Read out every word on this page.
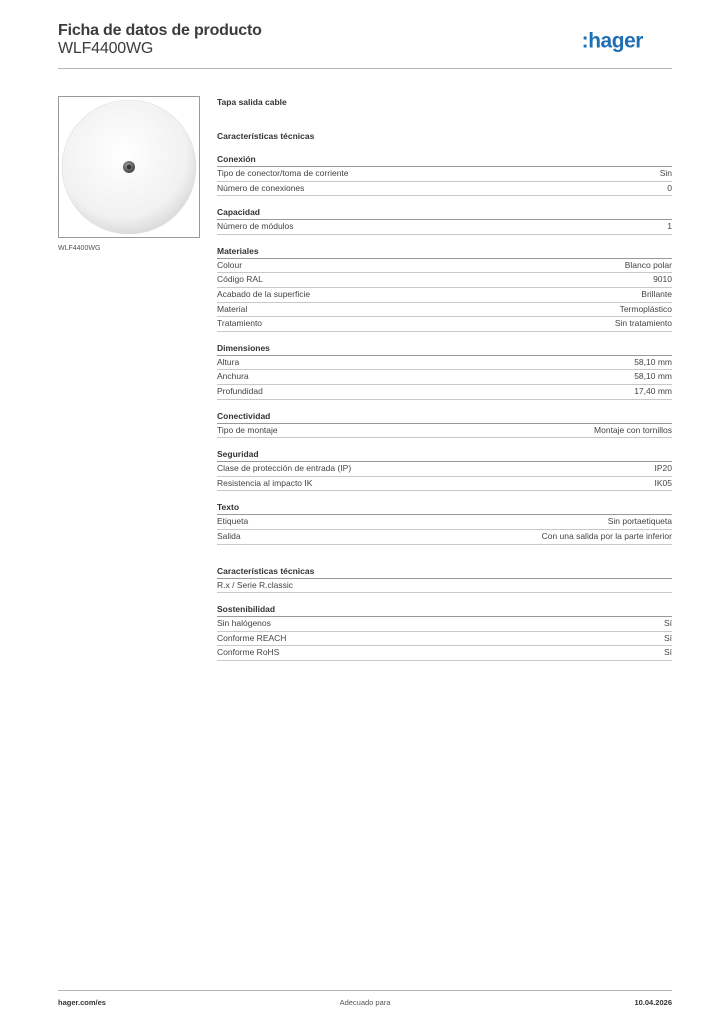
Ficha de datos de producto
WLF4400WG	:hager
WLF4400WG
Tapa salida cable
Características técnicas
Conexión
Tipo de conector/toma de corriente	Sin
Número de conexiones	0
Capacidad
Número de módulos	1
Materiales
Colour	Blanco polar
Código RAL	9010
Acabado de la superficie	Brillante
Material	Termoplástico
Tratamiento	Sin tratamiento
Dimensiones
Altura	58,10 mm
Anchura	58,10 mm
Profundidad	17,40 mm
Conectividad
Tipo de montaje	Montaje con tornillos
Seguridad
Clase de protección de entrada (IP)	IP20
Resistencia al impacto IK	IK05
Texto
Etiqueta	Sin portaetiqueta
Salida	Con una salida por la parte inferior
Características técnicas
R.x / Serie R.classic
Sostenibilidad
Sin halógenos	Sí
Conforme REACH	Sí
Conforme RoHS	Sí
hager.com/es	Adecuado para	10.04.2026
